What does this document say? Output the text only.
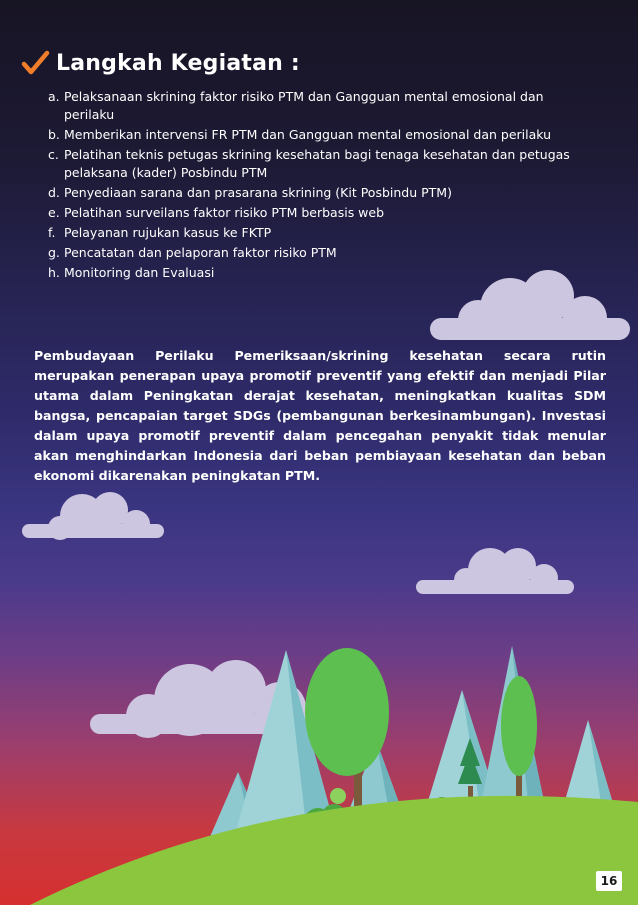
Langkah Kegiatan :
a. Pelaksanaan skrining faktor risiko PTM dan Gangguan mental emosional dan perilaku
b. Memberikan intervensi FR PTM dan Gangguan mental emosional dan perilaku
c. Pelatihan teknis petugas skrining kesehatan bagi tenaga kesehatan dan petugas pelaksana (kader) Posbindu PTM
d. Penyediaan sarana dan prasarana skrining (Kit Posbindu PTM)
e. Pelatihan surveilans faktor risiko PTM berbasis web
f. Pelayanan rujukan kasus ke FKTP
g. Pencatatan dan pelaporan faktor risiko PTM
h. Monitoring dan Evaluasi

Pembudayaan Perilaku Pemeriksaan/skrining kesehatan secara rutin merupakan penerapan upaya promotif preventif yang efektif dan menjadi Pilar utama dalam Peningkatan derajat kesehatan, meningkatkan kualitas SDM bangsa, pencapaian target SDGs (pembangunan berkesinambungan). Investasi dalam upaya promotif preventif dalam pencegahan penyakit tidak menular akan menghindarkan Indonesia dari beban pembiayaan kesehatan dan beban ekonomi dikarenakan peningkatan PTM.

16
